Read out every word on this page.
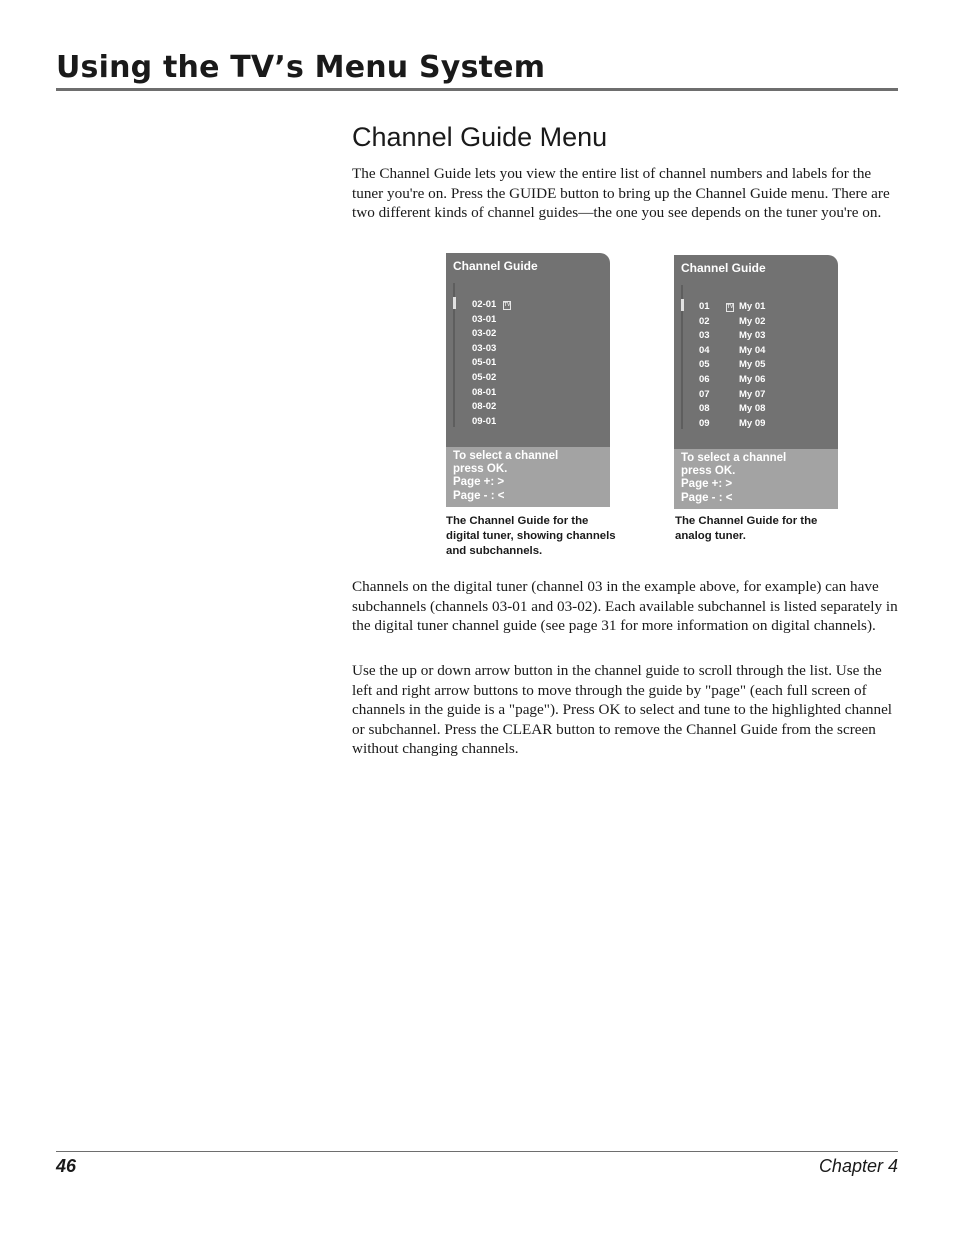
Using the TV’s Menu System
Channel Guide Menu

The Channel Guide lets you view the entire list of channel numbers and labels for the tuner you're on. Press the GUIDE button to bring up the Channel Guide menu. There are two different kinds of channel guides—the one you see depends on the tuner you're on.

Channel Guide
02-01 TV
03-01
03-02
03-03
05-01
05-02
08-01
08-02
09-01
To select a channel
press OK.
Page +: >
Page - : <

The Channel Guide for the digital tuner, showing channels and subchannels.

Channel Guide
01	TV My 01
02	My 02
03	My 03
04	My 04
05	My 05
06	My 06
07	My 07
08	My 08
09	My 09
To select a channel
press OK.
Page +: >
Page - : <

The Channel Guide for the analog tuner.

Channels on the digital tuner (channel 03 in the example above, for example) can have subchannels (channels 03-01 and 03-02). Each available subchannel is listed separately in the digital tuner channel guide (see page 31 for more information on digital channels).

Use the up or down arrow button in the channel guide to scroll through the list. Use the left and right arrow buttons to move through the guide by "page" (each full screen of channels in the guide is a "page"). Press OK to select and tune to the highlighted channel or subchannel. Press the CLEAR button to remove the Channel Guide from the screen without changing channels.

46	Chapter 4
